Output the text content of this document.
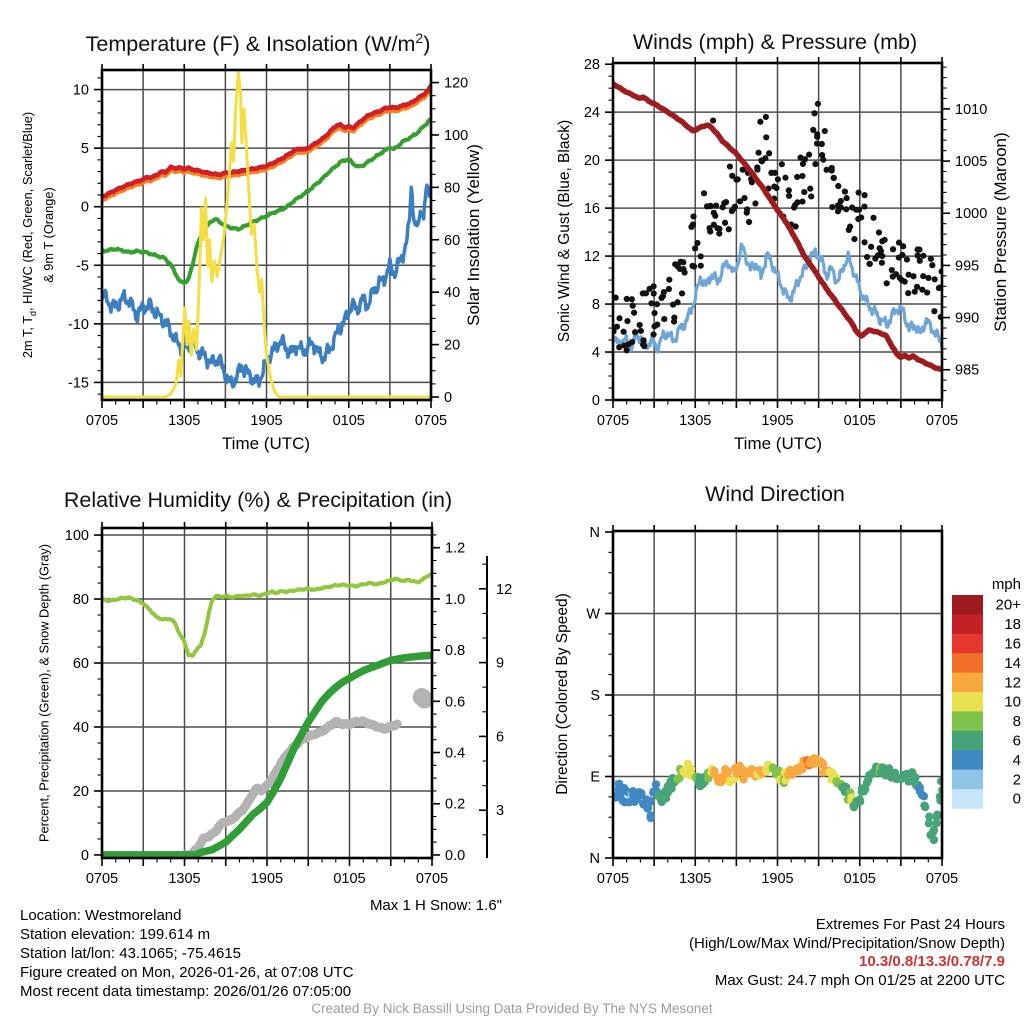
0705	1305	1905	0105	0705
10
5
0
-5
-10
-15
0
20
40
60
80
100
120
0705	1305	1905	0105	0705
0
4
8
12
16
20
24
28
985
990
995
1000
1005
1010
0705	1305	1905	0105	0705
0
20
40
60
80
100
0.0
0.2
0.4
0.6
0.8
1.0
1.2
3
6
9
12
0705	1305	1905	0105	0705
N
W
S
E
N
mph
20+
18
16
14
12
10
8
6
4
2
0
Temperature (F) & Insolation $(W/m^2)$	Winds (mph) & Pressure (mb)
Relative Humidity (%) & Precipitation (in)	Wind Direction
Time (UTC)	Time (UTC)
2m T, $T_d$, HI/WC (Red, Green, Scarlet/Blue) & 9m T (Orange)	Solar Insolation (Yellow)	Sonic Wind & Gust (Blue, Black)	Station Pressure (Maroon)
Percent, Precipitation (Green), & Snow Depth (Gray)	Direction (Colored By Speed)
Location: Westmoreland
Station elevation: 199.614 m
Station lat/lon: 43.1065; -75.4615
Figure created on Mon, 2026-01-26, at 07:08 UTC
Most recent data timestamp: 2026/01/26 07:05:00
Max 1 H Snow: 1.6"
Extremes For Past 24 Hours
(High/Low/Max Wind/Precipitation/Snow Depth)
10.3/0.8/13.3/0.78/7.9
Max Gust: 24.7 mph On 01/25 at 2200 UTC
Created By Nick Bassill Using Data Provided By The NYS Mesonet
